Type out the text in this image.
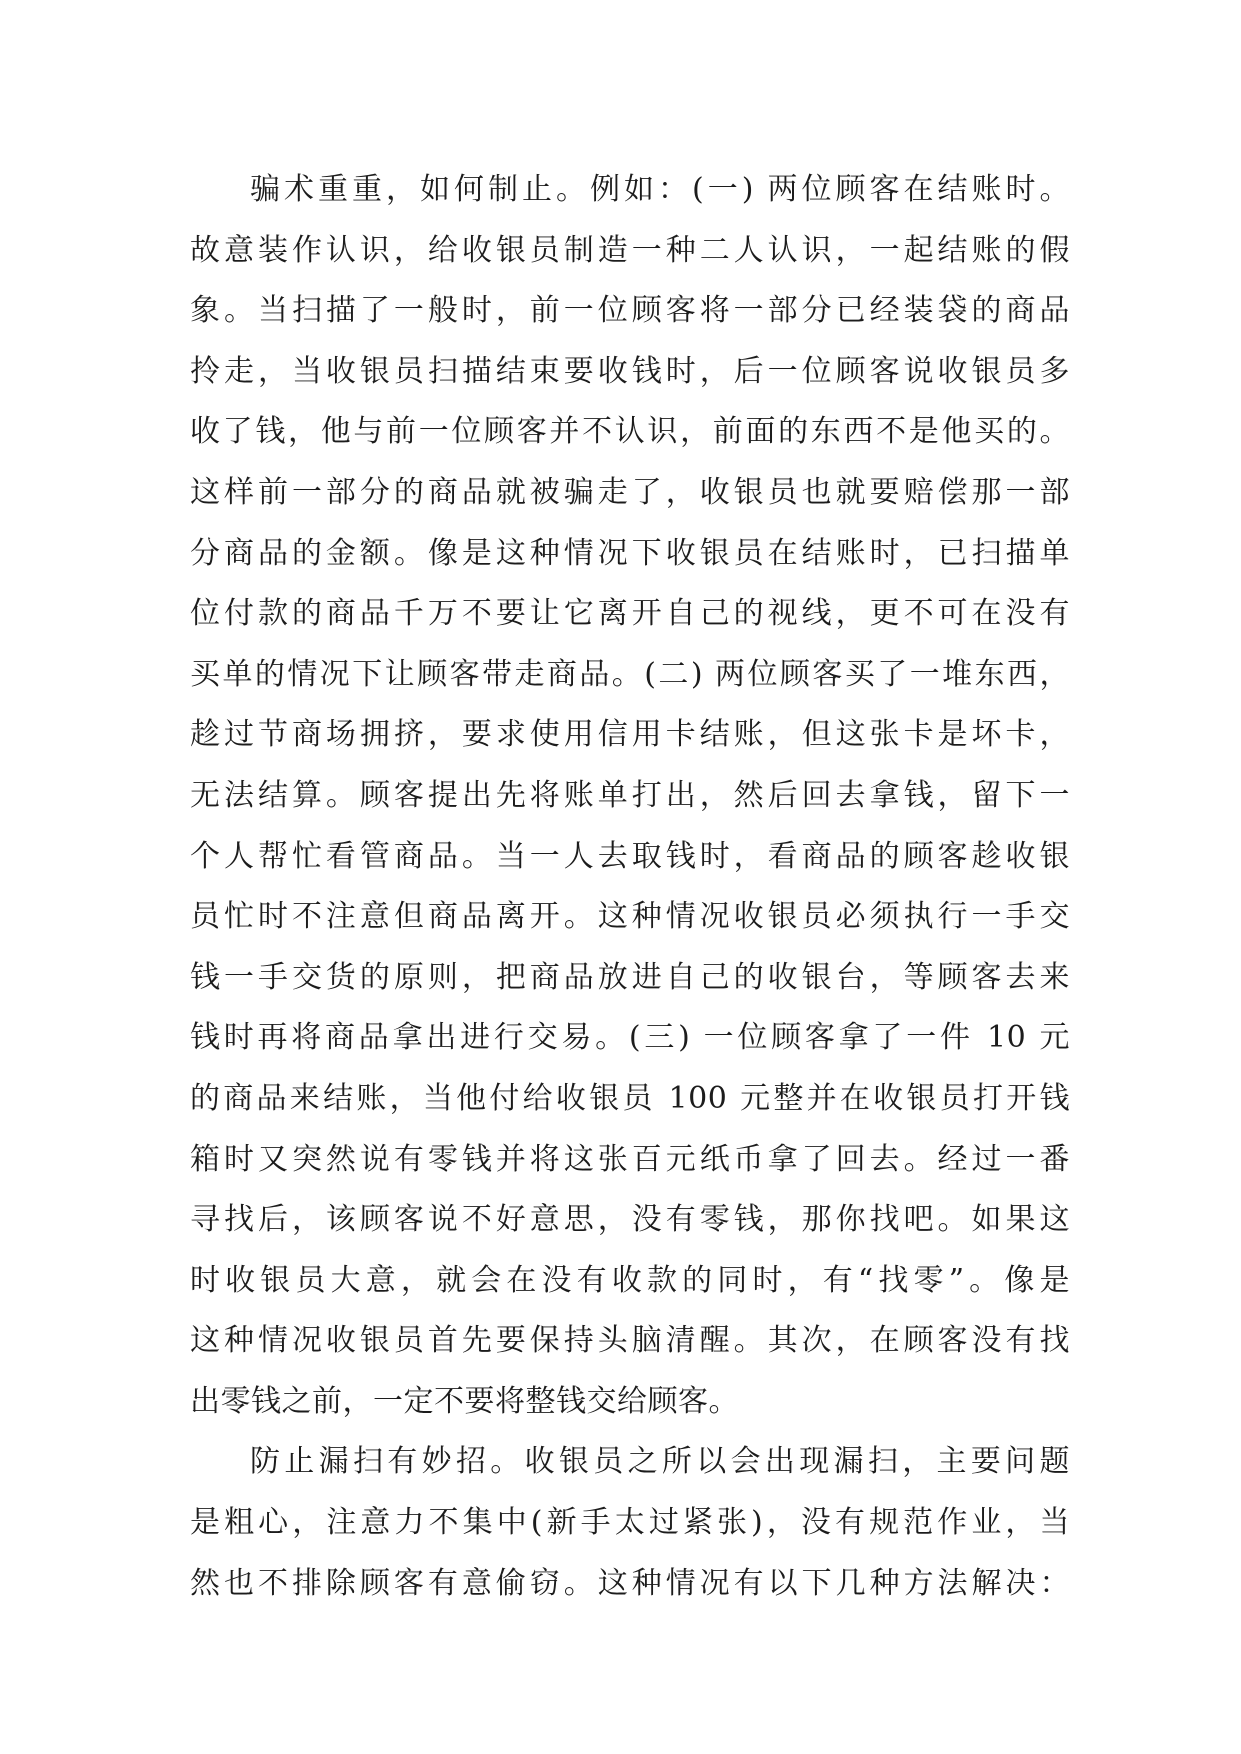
骗术重重，如何制止。例如：(一) 两位顾客在结账时。
故意装作认识，给收银员制造一种二人认识，一起结账的假
象。当扫描了一般时，前一位顾客将一部分已经装袋的商品
拎走，当收银员扫描结束要收钱时，后一位顾客说收银员多
收了钱，他与前一位顾客并不认识，前面的东西不是他买的。
这样前一部分的商品就被骗走了，收银员也就要赔偿那一部
分商品的金额。像是这种情况下收银员在结账时，已扫描单
位付款的商品千万不要让它离开自己的视线，更不可在没有
买单的情况下让顾客带走商品。(二) 两位顾客买了一堆东西，
趁过节商场拥挤，要求使用信用卡结账，但这张卡是坏卡，
无法结算。顾客提出先将账单打出，然后回去拿钱，留下一
个人帮忙看管商品。当一人去取钱时，看商品的顾客趁收银
员忙时不注意但商品离开。这种情况收银员必须执行一手交
钱一手交货的原则，把商品放进自己的收银台，等顾客去来
钱时再将商品拿出进行交易。(三) 一位顾客拿了一件 10 元
的商品来结账，当他付给收银员 100 元整并在收银员打开钱
箱时又突然说有零钱并将这张百元纸币拿了回去。经过一番
寻找后，该顾客说不好意思，没有零钱，那你找吧。如果这
时收银员大意，就会在没有收款的同时，有“找零”。像是
这种情况收银员首先要保持头脑清醒。其次，在顾客没有找
出零钱之前，一定不要将整钱交给顾客。
防止漏扫有妙招。收银员之所以会出现漏扫，主要问题
是粗心，注意力不集中(新手太过紧张)，没有规范作业，当
然也不排除顾客有意偷窃。这种情况有以下几种方法解决：
